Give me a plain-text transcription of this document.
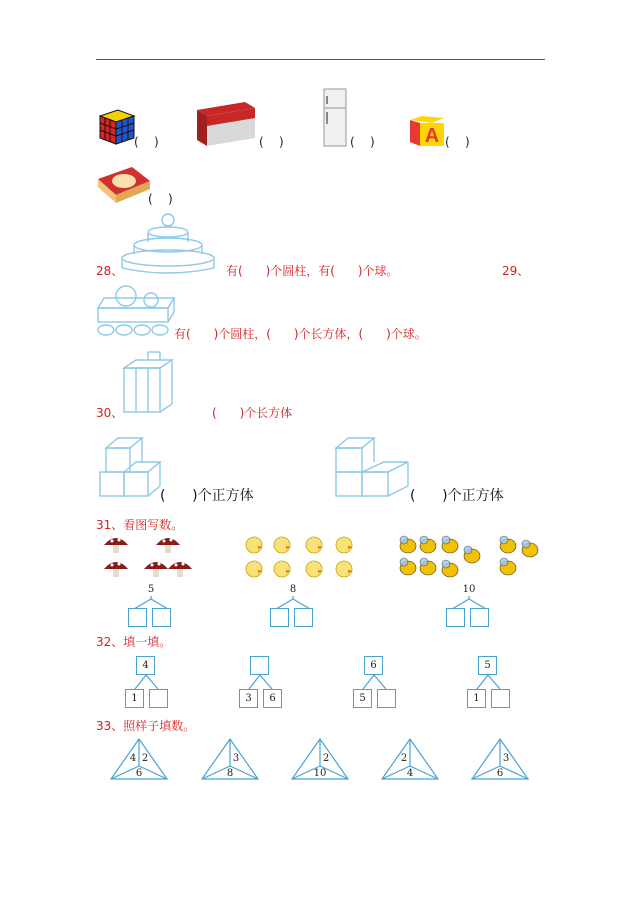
(    )	(    )	(    )	A (    )
(    )
28、	有(      )个圆柱，有(      )个球。	29、
有(      )个圆柱，(      )个长方体，(      )个球。
30、	(      )个长方体
(      )个正方体	(      )个正方体
31、看图写数。
5	8	10
32、填一填。
4
1	3	6
6
5
5
1
33、照样子填数。
4 2
6
3
8
2
10
2
4
3
6
